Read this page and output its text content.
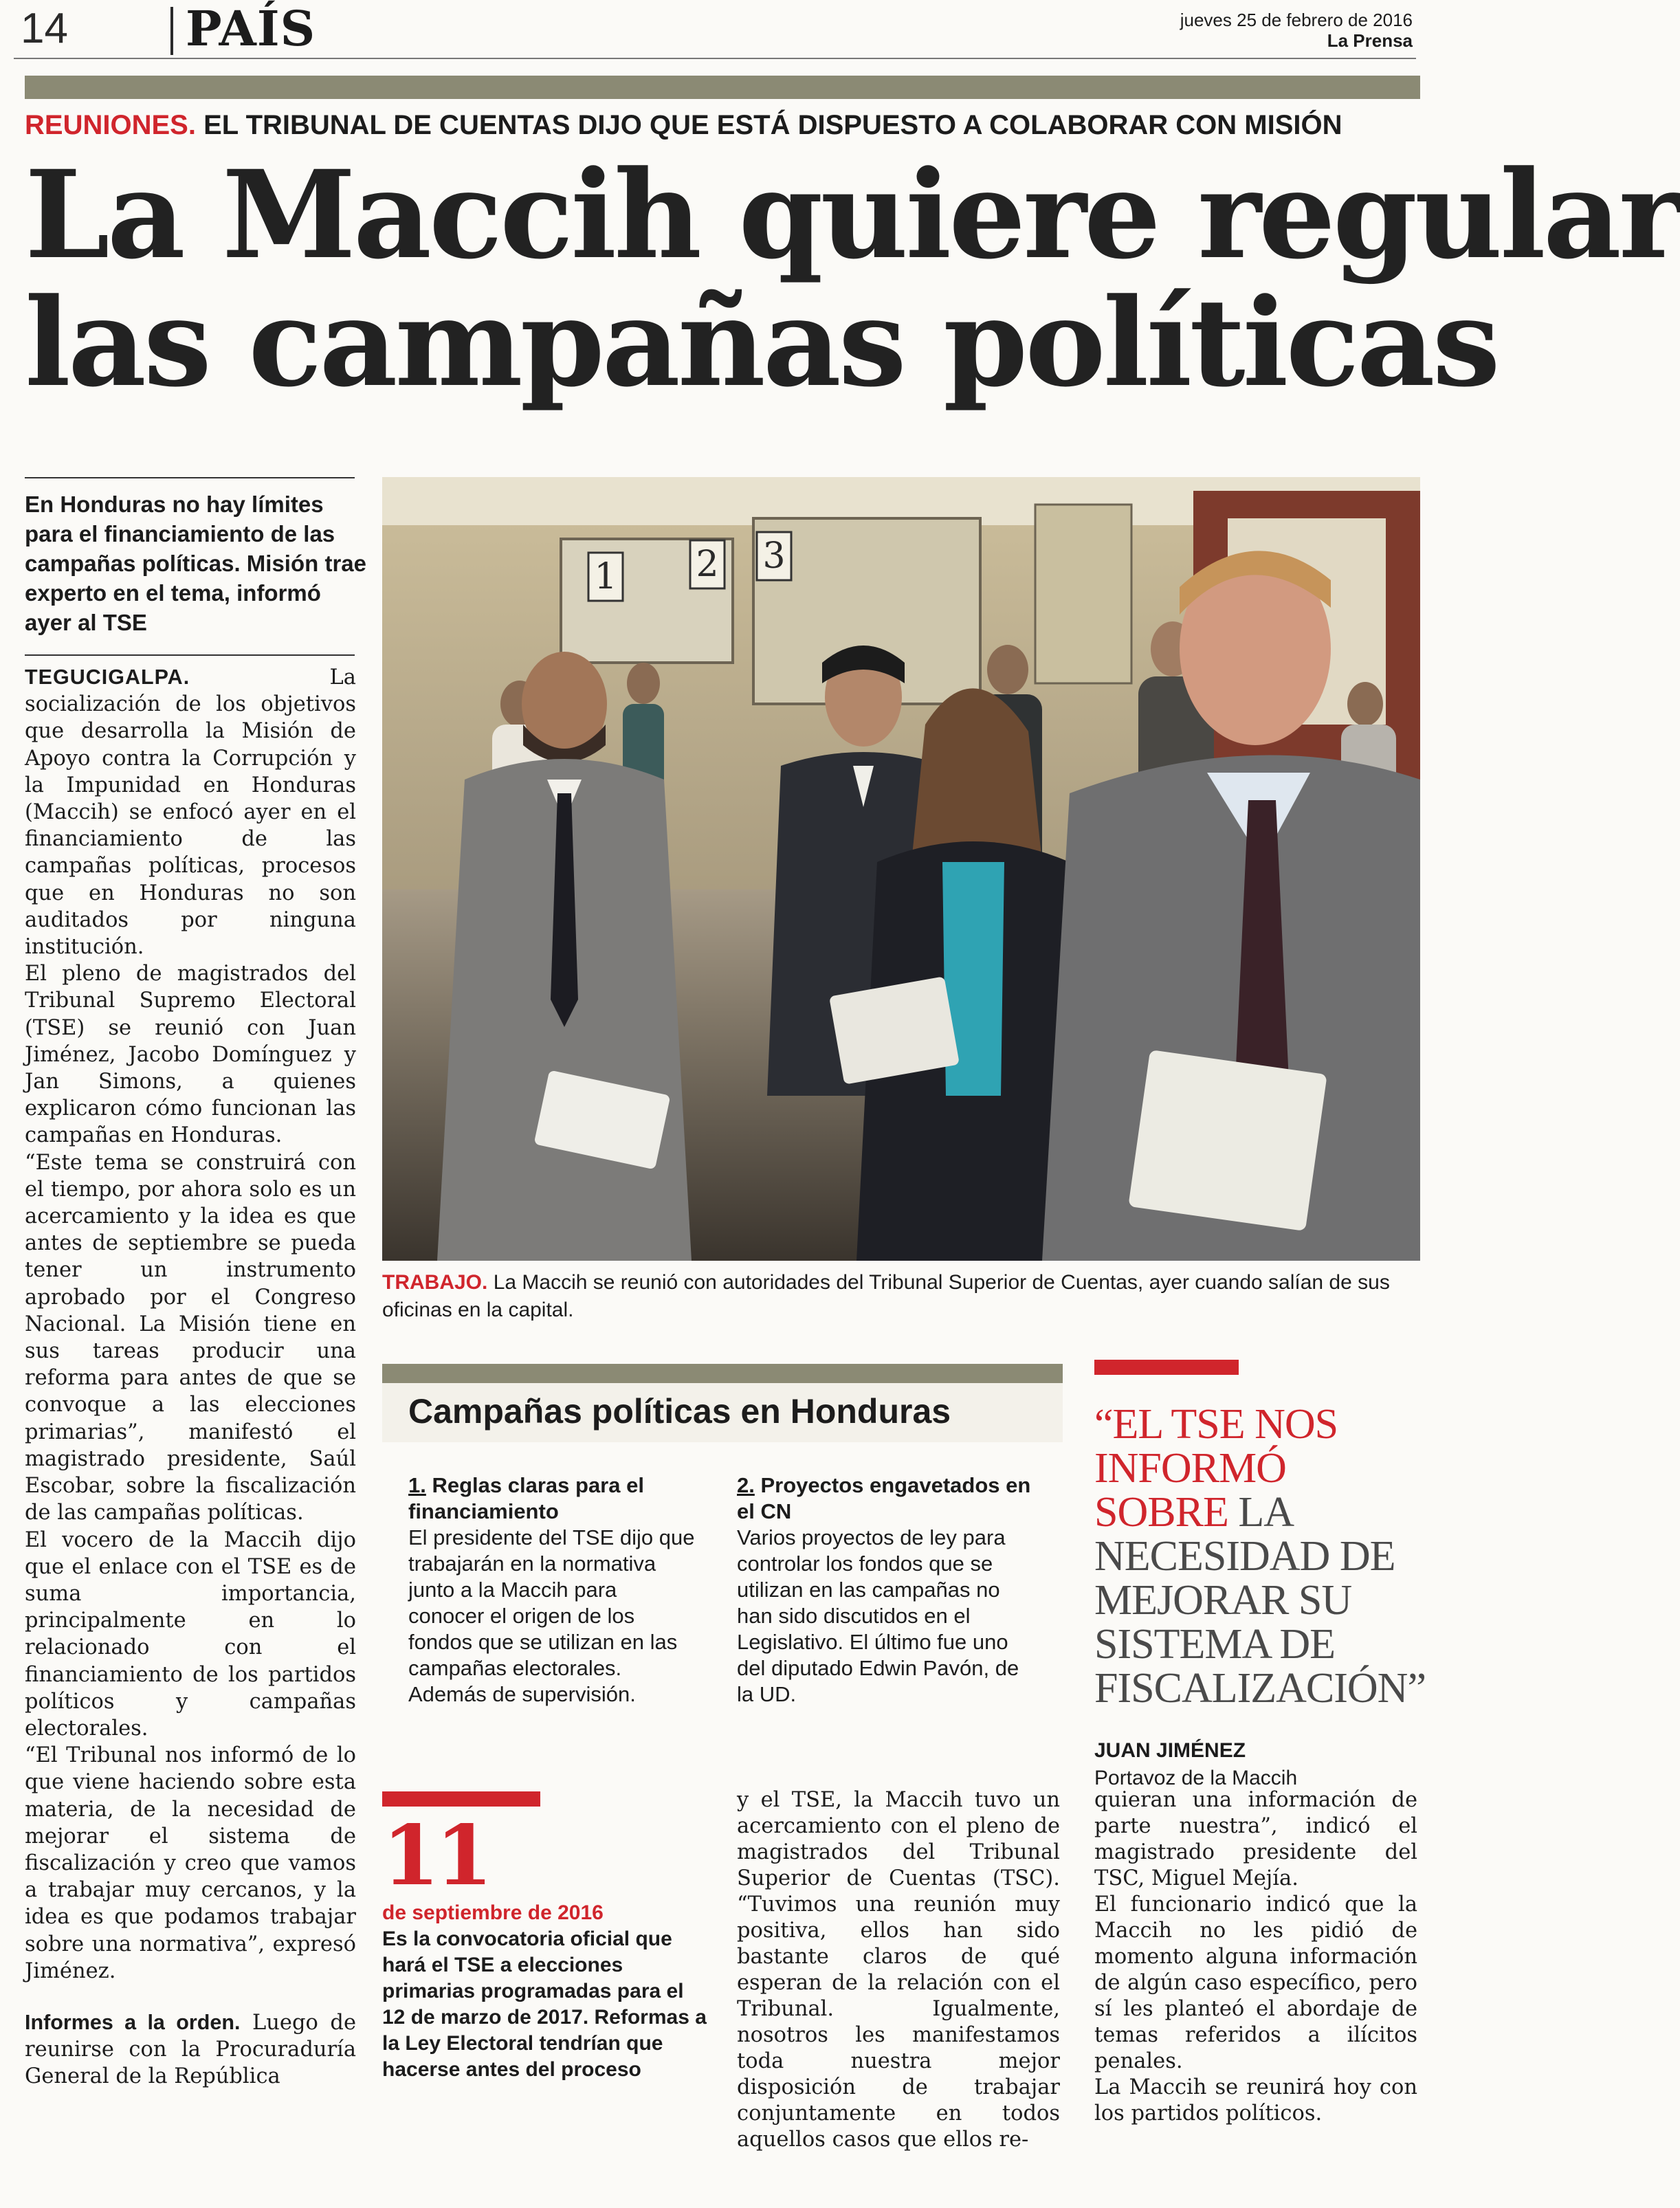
14 PAÍS	jueves 25 de febrero de 2016
La Prensa
REUNIONES. EL TRIBUNAL DE CUENTAS DIJO QUE ESTÁ DISPUESTO A COLABORAR CON MISIÓN
La Maccih quiere regular
las campañas políticas
En Honduras no hay límites para el financiamiento de las campañas políticas. Misión trae experto en el tema, informó ayer al TSE

TEGUCIGALPA.	La socialización de los objetivos que desarrolla la Misión de Apoyo contra la Corrupción y la Impunidad en Honduras (Maccih) se enfocó ayer en el financiamiento de las campañas políticas, procesos que en Honduras no son auditados por ninguna institución.

El pleno de magistrados del Tribunal Supremo Electoral (TSE) se reunió con Juan Jiménez, Jacobo Domínguez y Jan Simons, a quienes explicaron cómo funcionan las campañas en Honduras.

“Este tema se construirá con el tiempo, por ahora solo es un acercamiento y la idea es que antes de septiembre se pueda tener un instrumento aprobado por el Congreso Nacional. La Misión tiene en sus tareas producir una reforma para antes de que se convoque a las elecciones primarias”, manifestó el magistrado presidente, Saúl Escobar, sobre la fiscalización de las campañas políticas.

El vocero de la Maccih dijo que el enlace con el TSE es de suma importancia, principalmente en lo relacionado con el financiamiento de los partidos políticos y campañas electorales.

“El Tribunal nos informó de lo que viene haciendo sobre esta materia, de la necesidad de mejorar el sistema de fiscalización y creo que vamos a trabajar muy cercanos, y la idea es que podamos trabajar sobre una normativa”, expresó Jiménez.

Informes a la orden. Luego de reunirse con la Procuraduría General de la República

1 2 3
TRABAJO. La Maccih se reunió con autoridades del Tribunal Superior de Cuentas, ayer cuando salían de sus oficinas en la capital.
Campañas políticas en Honduras
1. Reglas claras para el financiamiento
El presidente del TSE dijo que trabajarán en la normativa junto a la Maccih para conocer el origen de los fondos que se utilizan en las campañas electorales. Además de supervisión.
2. Proyectos engavetados en el CN
Varios proyectos de ley para controlar los fondos que se utilizan en las campañas no han sido discutidos en el Legislativo. El último fue uno del diputado Edwin Pavón, de la UD.
“EL TSE NOS INFORMÓ SOBRE LA NECESIDAD DE MEJORAR SU SISTEMA DE FISCALIZACIÓN”
JUAN JIMÉNEZ
Portavoz de la Maccih
11
de septiembre de 2016
Es la convocatoria oficial que hará el TSE a elecciones primarias programadas para el 12 de marzo de 2017. Reformas a la Ley Electoral tendrían que hacerse antes del proceso

y el TSE, la Maccih tuvo un acercamiento con el pleno de magistrados del Tribunal Superior de Cuentas (TSC). “Tuvimos una reunión muy positiva, ellos han sido bastante claros de qué esperan de la relación con el Tribunal. Igualmente, nosotros les manifestamos toda nuestra mejor disposición de trabajar conjuntamente en todos aquellos casos que ellos re-

quieran una información de parte nuestra”, indicó el magistrado presidente del TSC, Miguel Mejía.

El funcionario indicó que la Maccih no les pidió de momento alguna información de algún caso específico, pero sí les planteó el abordaje de temas referidos a ilícitos penales.

La Maccih se reunirá hoy con los partidos políticos.
